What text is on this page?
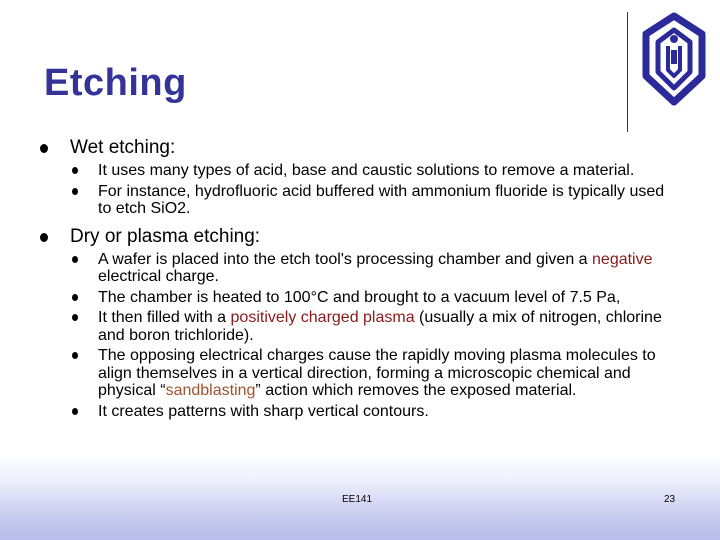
Etching
Wet etching:
It uses many types of acid, base and caustic solutions to remove a material.
For instance, hydrofluoric acid buffered with ammonium fluoride is typically used to etch SiO2.
Dry or plasma etching:
A wafer is placed into the etch tool's processing chamber and given a negative electrical charge.
The chamber is heated to 100°C and brought to a vacuum level of 7.5 Pa,
It then filled with a positively charged plasma (usually a mix of nitrogen, chlorine and boron trichloride).
The opposing electrical charges cause the rapidly moving plasma molecules to align themselves in a vertical direction, forming a microscopic chemical and physical “sandblasting” action which removes the exposed material.
It creates patterns with sharp vertical contours.
EE141	23
